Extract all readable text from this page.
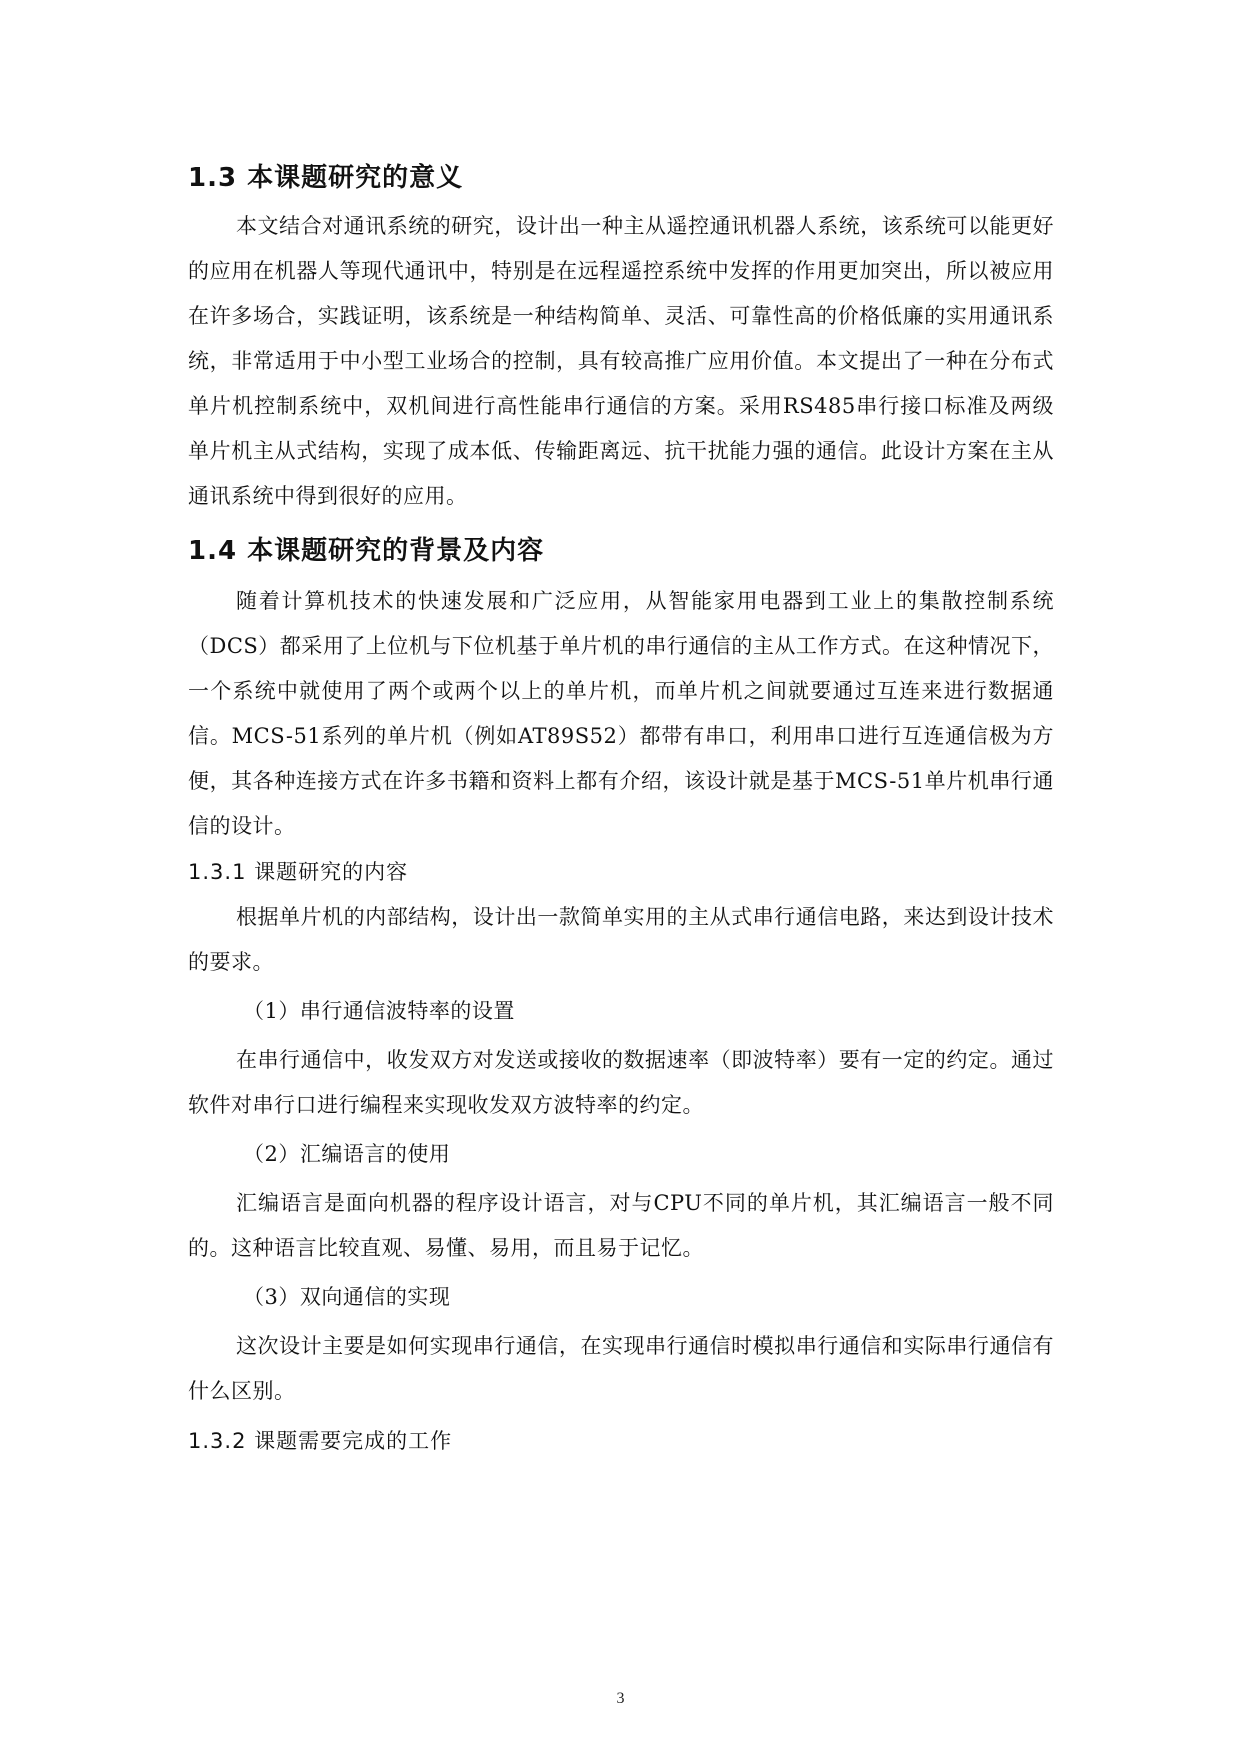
1.3 本课题研究的意义

本文结合对通讯系统的研究，设计出一种主从遥控通讯机器人系统，该系统可以能更好的应用在机器人等现代通讯中，特别是在远程遥控系统中发挥的作用更加突出，所以被应用在许多场合，实践证明，该系统是一种结构简单、灵活、可靠性高的价格低廉的实用通讯系统，非常适用于中小型工业场合的控制，具有较高推广应用价值。本文提出了一种在分布式单片机控制系统中，双机间进行高性能串行通信的方案。采用RS485串行接口标准及两级单片机主从式结构，实现了成本低、传输距离远、抗干扰能力强的通信。此设计方案在主从通讯系统中得到很好的应用。

1.4 本课题研究的背景及内容

随着计算机技术的快速发展和广泛应用，从智能家用电器到工业上的集散控制系统（DCS）都采用了上位机与下位机基于单片机的串行通信的主从工作方式。在这种情况下，一个系统中就使用了两个或两个以上的单片机，而单片机之间就要通过互连来进行数据通信。MCS-51系列的单片机（例如AT89S52）都带有串口，利用串口进行互连通信极为方便，其各种连接方式在许多书籍和资料上都有介绍，该设计就是基于MCS-51单片机串行通信的设计。

1.3.1 课题研究的内容

根据单片机的内部结构，设计出一款简单实用的主从式串行通信电路，来达到设计技术的要求。

（1）串行通信波特率的设置

在串行通信中，收发双方对发送或接收的数据速率（即波特率）要有一定的约定。通过软件对串行口进行编程来实现收发双方波特率的约定。

（2）汇编语言的使用

汇编语言是面向机器的程序设计语言，对与CPU不同的单片机，其汇编语言一般不同的。这种语言比较直观、易懂、易用，而且易于记忆。

（3）双向通信的实现

这次设计主要是如何实现串行通信，在实现串行通信时模拟串行通信和实际串行通信有什么区别。

1.3.2 课题需要完成的工作
3
